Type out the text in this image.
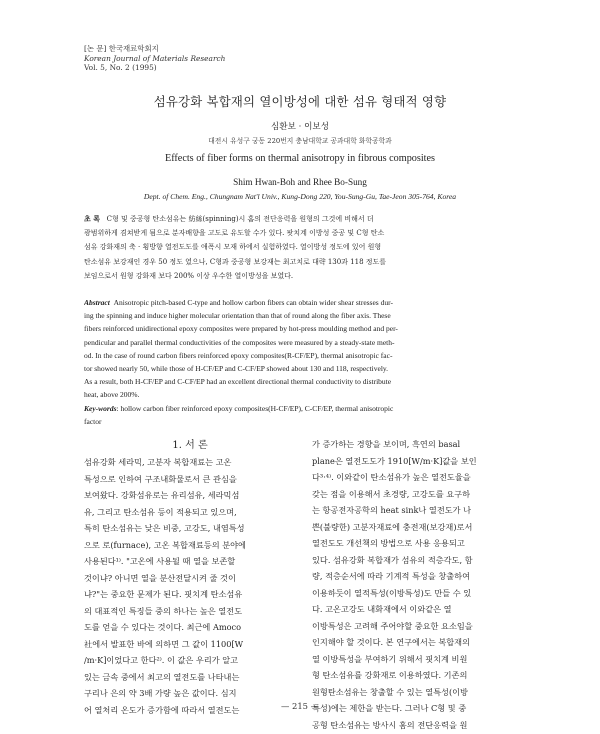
[논 문] 한국재료학회지
Korean Journal of Materials Research
Vol. 5, No. 2 (1995)
섬유강화 복합재의 열이방성에 대한 섬유 형태적 영향
심환보 · 이보성
대전시 유성구 궁동 220번지 충남대학교 공과대학 화학공학과
Effects of fiber forms on thermal anisotropy in fibrous composites
Shim Hwan-Boh and Rhee Bo-Sung
Dept. of Chem. Eng., Chungnam Nat'l Univ., Kung-Dong 220, You-Sung-Gu, Tae-Jeon 305-764, Korea
초 록 C형 및 중공형 탄소섬유는 紡絲(spinning)시 홈의 전단응력을 원형의 그것에 비해서 더
광범위하게 겸쳐받게 됨으로 분자배향을 고도로 유도할 수가 있다. 팟치계 이방성 중공 및 C형 탄소
섬유 강화재의 축 · 횡방향 열전도도를 애폭시 모재 하에서 실험하였다. 열이방성 정도에 있어 원형
탄소섬유 보강재인 경우 50 정도 였으나, C형과 중공형 보강재는 최고치로 대략 130과 118 정도를
보임으로서 원형 강화재 보다 200% 이상 우수한 열이방성을 보였다.
Abstract Anisotropic pitch-based C-type and hollow carbon fibers can obtain wider shear stresses dur-
ing the spinning and induce higher molecular orientation than that of round along the fiber axis. These
fibers reinforced unidirectional epoxy composites were prepared by hot-press moulding method and per-
pendicular and parallel thermal conductivities of the composites were measured by a steady-state meth-
od. In the case of round carbon fibers reinforced epoxy composites(R-CF/EP), thermal anisotropic fac-
tor showed nearly 50, while those of H-CF/EP and C-CF/EP showed about 130 and 118, respectively.
As a result, both H-CF/EP and C-CF/EP had an excellent directional thermal conductivity to distribute
heat, above 200%.
Key-words: hollow carbon fiber reinforced epoxy composites(H-CF/EP), C-CF/EP, thermal anisotropic
factor
1. 서 론
섬유강화 세라믹, 고분자 복합재료는 고온
특성으로 인하여 구조내화물로서 큰 관심을
보여왔다. 강화섬유로는 유리섬유, 세라믹섬
유, 그리고 탄소섬유 등이 적용되고 있으며,
특히 탄소섬유는 낮은 비중, 고강도, 내염특성
으로 로(furnace), 고온 복합재료등의 분야에
사용된다¹⁾. "고온에 사용될 때 열을 보존할
것이냐? 아니면 열을 분산전달시켜 줄 것이
냐?"는 중요한 문제가 된다. 핏치계 탄소섬유
의 대표적인 특징들 중의 하나는 높은 열전도
도를 얻을 수 있다는 것이다. 최근에 Amoco
社에서 발표한 바에 의하면 그 값이 1100[W
/m·K]이었다고 한다²⁾. 이 값은 우리가 알고
있는 금속 중에서 최고의 열전도를 나타내는
구리나 은의 약 3배 가량 높은 값이다. 심지
어 열처리 온도가 증가함에 따라서 열전도는
가 증가하는 경향을 보이며, 흑연의 basal
plane은 열전도도가 1910[W/m·K]값을 보인
다³·⁴⁾. 이와같이 탄소섬유가 높은 열전도율을
갖는 점을 이용해서 초경량, 고강도를 요구하
는 항공전자공학의 heat sink나 열전도가 나
쁜(불량한) 고분자재료에 충전재(보강재)로서
열전도도 개선책의 방법으로 사용 응용되고
있다. 섬유강화 복합재가 섬유의 적층각도, 함
량, 적층순서에 따라 기계적 특성을 창출하여
이용하듯이 열적특성(이방특성)도 만들 수 있
다. 고온고강도 내화재에서 이와같은 열
이방특성은 고려해 주어야할 중요한 요소임을
인지해야 할 것이다. 본 연구에서는 복합재의
열 이방특성을 부여하기 위해서 핏치계 비원
형 탄소섬유를 강화재로 이용하였다. 기존의
원형탄소섬유는 창출할 수 있는 열특성(이방
특성)에는 제한을 받는다. 그러나 C형 및 중
공형 탄소섬유는 방사시 홈의 전단응력을 원
— 215 —
